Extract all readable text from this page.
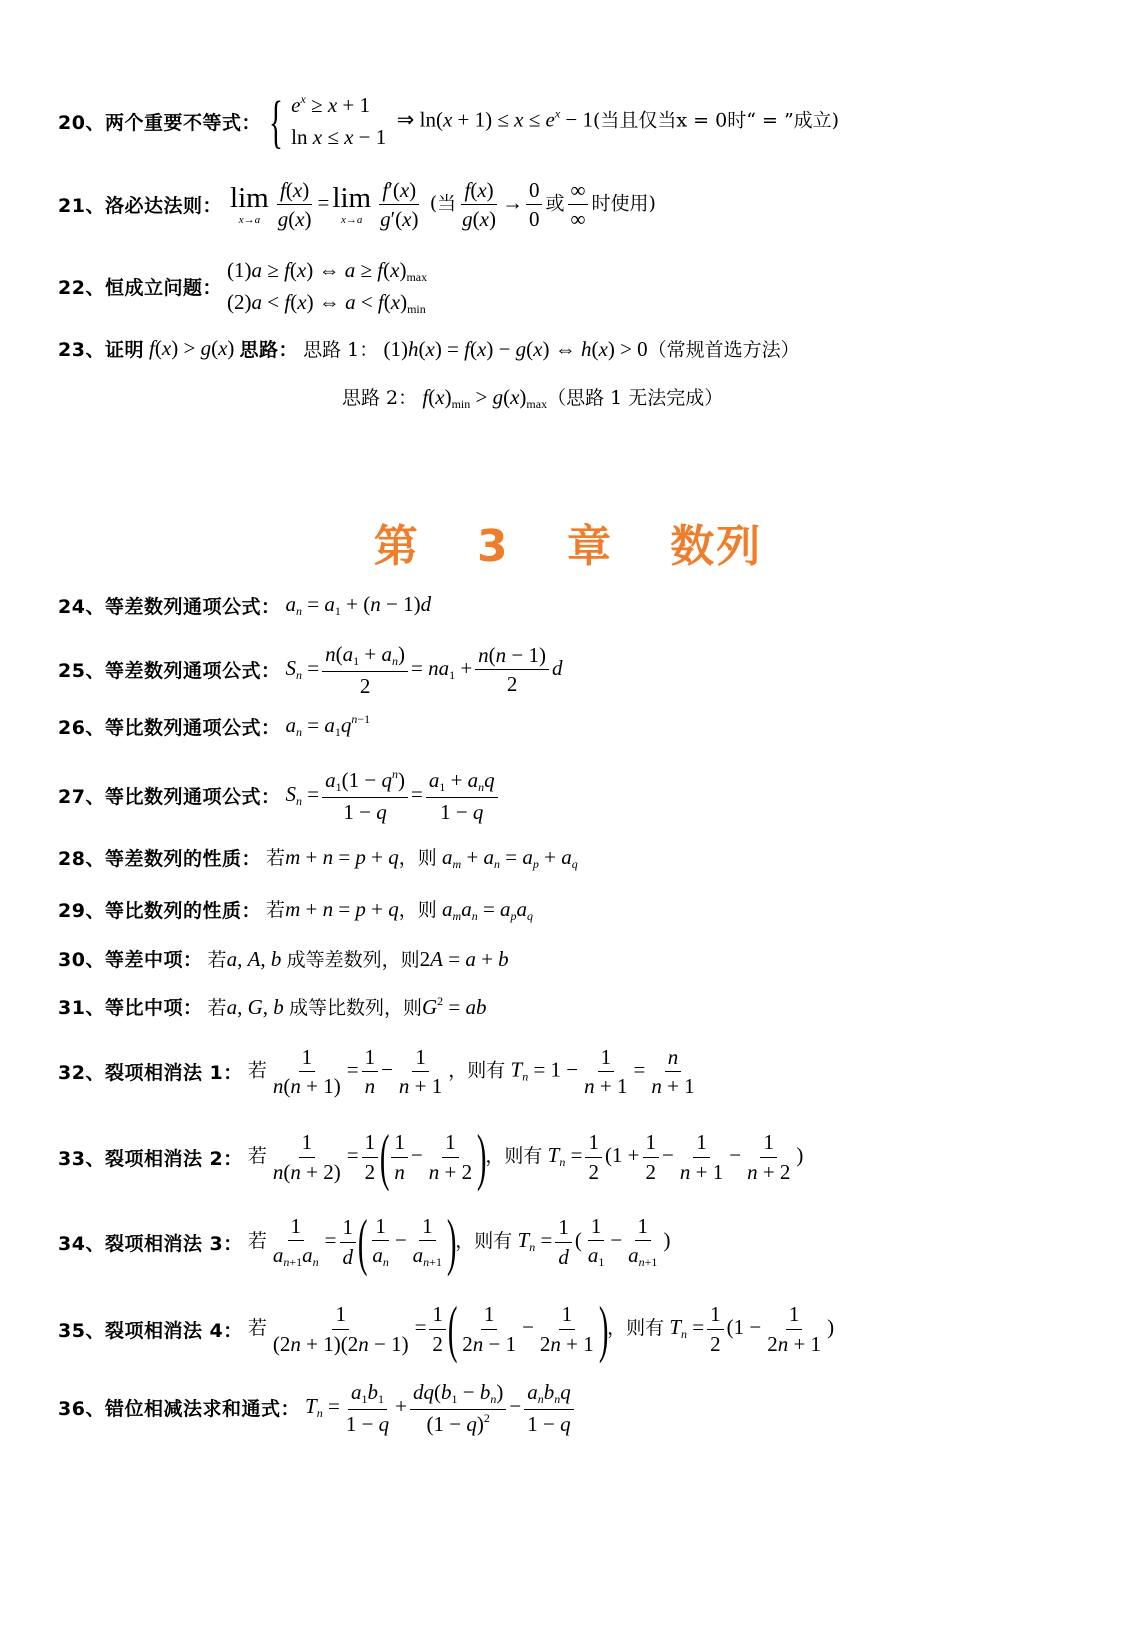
20、两个重要不等式： { $e^x \ge x + 1$
ln x ≤ x − 1
⇒ $\ln(x + 1) \le x \le e^x - 1$(当且仅当x = 0时“ = ”成立)
21、洛必达法则： lim
$x\to a \frac{f(x)}{g(x)} = \lim$
$x\to a \frac{f'(x)}{g'(x)}$ (当 $\frac{f(x)}{g(x)} \to \frac{0}{0}$ 或 $\frac{\infty}{\infty}$ 时使用)
22、恒成立问题：
(1)a ≥ f(x) ⇔ $a \ge f(x)_{max}$
(2)a < f(x) ⇔ $a < f(x)_{min}$
23、证明 f(x) > g(x) 思路： 思路 1： (1)h(x) = f(x) − g(x) ⇔ h(x) > 0（常规首选方法）
思路 2： $f(x)_{min} > g(x)_{max}$（思路 1 无法完成）
第 3 章 数列
24、等差数列通项公式： $a_n = a_1 + (n - 1)d$
25、等差数列通项公式： $S_n = \frac{n(a_1 + a_n)}{2} = na_1 + \frac{n(n - 1)}{2}$ d
26、等比数列通项公式： $a_n = a_1q^{n-1}$
27、等比数列通项公式： $S_n = \frac{a_1(1 - q^n)}{1 - q} = \frac{a_1 + a_nq}{1 - q}$
28、等差数列的性质： 若m + n = p + q，则 $a_m + a_n = a_p + a_q$
29、等比数列的性质： 若m + n = p + q，则 $a_ma_n = a_pa_q$
30、等差中项： 若a, A, b 成等差数列，则2A = a + b
31、等比中项： 若a, G, b 成等比数列，则$G^2$ = ab
32、裂项相消法 1： 若 $\frac{1}{n(n + 1)} = \frac{1}{n} - \frac{1}{n + 1}$ ，则有 $T_n = 1 - \frac{1}{n + 1} = \frac{n}{n + 1}$
33、裂项相消法 2： 若 $\frac{1}{n(n + 2)} = \frac{1}{2}$ ( $\frac{1}{n} - \frac{1}{n + 2}$ )，则有 $T_n = \frac{1}{2} (1 + \frac{1}{2} - \frac{1}{n + 1} - \frac{1}{n + 2}$ )
34、裂项相消法 3： 若 $\frac{1}{a_{n+1}a_n} = \frac{1}{d}$ ( $\frac{1}{a_n} - \frac{1}{a_{n+1}}$ )，则有 $T_n = \frac{1}{d}$ ( $\frac{1}{a_1} - \frac{1}{a_{n+1}}$ )
35、裂项相消法 4： 若 $\frac{1}{(2n + 1)(2n - 1)} = \frac{1}{2}$ ( $\frac{1}{2n - 1} - \frac{1}{2n + 1}$ )，则有 $T_n = \frac{1}{2} (1 - \frac{1}{2n + 1}$ )
36、错位相减法求和通式： $T_n = \frac{a_1b_1}{1 - q} + \frac{dq(b_1 - b_n)}{(1 - q)^2} - \frac{a_nb_nq}{1 - q}$
